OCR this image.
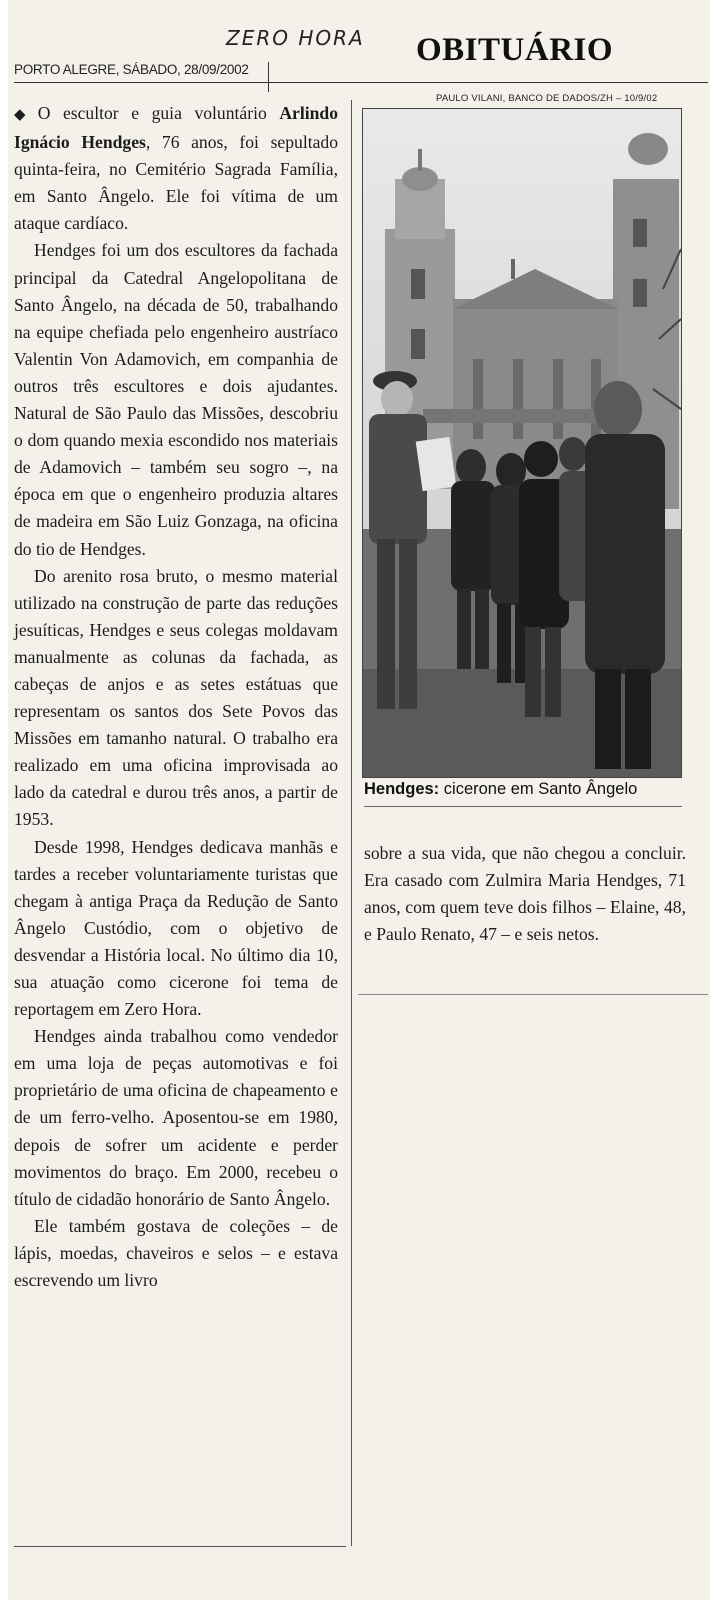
ZERO HORA OBITUÁRIO
PORTO ALEGRE, SÁBADO, 28/09/2002
PAULO VILANI, BANCO DE DADOS/ZH – 10/9/02

◆ O escultor e guia voluntário Arlindo Ignácio Hendges, 76 anos, foi sepultado quinta-feira, no Cemitério Sagrada Família, em Santo Ângelo. Ele foi vítima de um ataque cardíaco.

Hendges foi um dos escultores da fachada principal da Catedral Angelopolitana de Santo Ângelo, na década de 50, trabalhando na equipe chefiada pelo engenheiro austríaco Valentin Von Adamovich, em companhia de outros três escultores e dois ajudantes. Natural de São Paulo das Missões, descobriu o dom quando mexia escondido nos materiais de Adamovich – também seu sogro –, na época em que o engenheiro produzia altares de madeira em São Luiz Gonzaga, na oficina do tio de Hendges.

Do arenito rosa bruto, o mesmo material utilizado na construção de parte das reduções jesuíticas, Hendges e seus colegas moldavam manualmente as colunas da fachada, as cabeças de anjos e as setes estátuas que representam os santos dos Sete Povos das Missões em tamanho natural. O trabalho era realizado em uma oficina improvisada ao lado da catedral e durou três anos, a partir de 1953.

Desde 1998, Hendges dedicava manhãs e tardes a receber voluntariamente turistas que chegam à antiga Praça da Redução de Santo Ângelo Custódio, com o objetivo de desvendar a História local. No último dia 10, sua atuação como cicerone foi tema de reportagem em Zero Hora.

Hendges ainda trabalhou como vendedor em uma loja de peças automotivas e foi proprietário de uma oficina de chapeamento e de um ferro-velho. Aposentou-se em 1980, depois de sofrer um acidente e perder movimentos do braço. Em 2000, recebeu o título de cidadão honorário de Santo Ângelo.

Ele também gostava de coleções – de lápis, moedas, chaveiros e selos – e estava escrevendo um livro

Hendges: cicerone em Santo Ângelo

sobre a sua vida, que não chegou a concluir. Era casado com Zulmira Maria Hendges, 71 anos, com quem teve dois filhos – Elaine, 48, e Paulo Renato, 47 – e seis netos.
